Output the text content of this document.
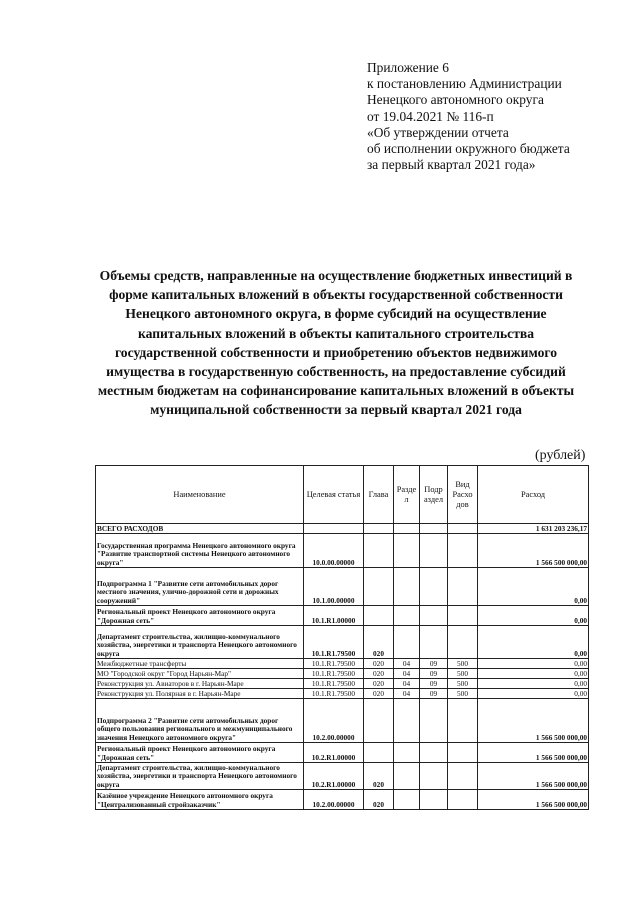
Приложение 6
к постановлению Администрации
Ненецкого автономного округа
от 19.04.2021 № 116-п
«Об утверждении отчета
об исполнении окружного бюджета
за первый квартал 2021 года»
Объемы средств, направленные на осуществление бюджетных инвестиций в форме капитальных вложений в объекты государственной собственности Ненецкого автономного округа, в форме субсидий на осуществление капитальных вложений в объекты капитального строительства государственной собственности и приобретению объектов недвижимого имущества в государственную собственность, на предоставление субсидий местным бюджетам на софинансирование капитальных вложений в объекты муниципальной собственности за первый квартал 2021 года
(рублей)
Наименование	Целевая статья	Глава	Разде л	Подр аздел	Вид Расхо дов	Расход
ВСЕГО РАСХОДОВ						1 631 203 236,17
Государственная программа Ненецкого автономного округа "Развитие транспортной системы Ненецкого автономного округа"	10.0.00.00000					1 566 500 000,00
Подпрограмма 1 "Развитие сети автомобильных дорог местного значения, улично-дорожной сети и дорожных сооружений"	10.1.00.00000					0,00
Региональный проект Ненецкого автономного округа "Дорожная сеть"	10.1.R1.00000					0,00
Департамент строительства, жилищно-коммунального хозяйства, энергетики и транспорта Ненецкого автономного округа	10.1.R1.79500	020				0,00
Межбюджетные трансферты	10.1.R1.79500	020	04	09	500	0,00
МО "Городской округ "Город Нарьян-Мар"	10.1.R1.79500	020	04	09	500	0,00
Реконструкция ул. Авиаторов в г. Нарьян-Маре	10.1.R1.79500	020	04	09	500	0,00
Реконструкция ул. Полярная в г. Нарьян-Маре	10.1.R1.79500	020	04	09	500	0,00
Подпрограмма 2 "Развитие сети автомобильных дорог общего пользования регионального и межмуниципального значения Ненецкого автономного округа"	10.2.00.00000					1 566 500 000,00
Региональный проект Ненецкого автономного округа "Дорожная сеть"	10.2.R1.00000					1 566 500 000,00
Департамент строительства, жилищно-коммунального хозяйства, энергетики и транспорта Ненецкого автономного округа	10.2.R1.00000	020				1 566 500 000,00
Казённое учреждение Ненецкого автономного округа "Централизованный стройзаказчик"	10.2.00.00000	020				1 566 500 000,00
